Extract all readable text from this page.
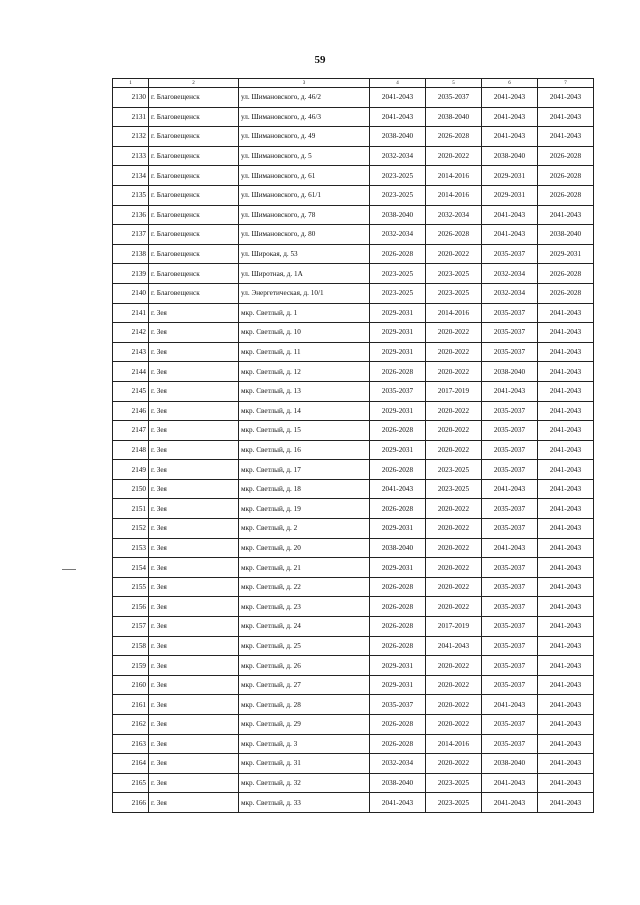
59
1	2	3	4	5	6	7
2130	г. Благовещенск	ул. Шимановского, д. 46/2	2041-2043	2035-2037	2041-2043	2041-2043
2131	г. Благовещенск	ул. Шимановского, д. 46/3	2041-2043	2038-2040	2041-2043	2041-2043
2132	г. Благовещенск	ул. Шимановского, д. 49	2038-2040	2026-2028	2041-2043	2041-2043
2133	г. Благовещенск	ул. Шимановского, д. 5	2032-2034	2020-2022	2038-2040	2026-2028
2134	г. Благовещенск	ул. Шимановского, д. 61	2023-2025	2014-2016	2029-2031	2026-2028
2135	г. Благовещенск	ул. Шимановского, д. 61/1	2023-2025	2014-2016	2029-2031	2026-2028
2136	г. Благовещенск	ул. Шимановского, д. 78	2038-2040	2032-2034	2041-2043	2041-2043
2137	г. Благовещенск	ул. Шимановского, д. 80	2032-2034	2026-2028	2041-2043	2038-2040
2138	г. Благовещенск	ул. Широкая, д. 53	2026-2028	2020-2022	2035-2037	2029-2031
2139	г. Благовещенск	ул. Широтная, д. 1А	2023-2025	2023-2025	2032-2034	2026-2028
2140	г. Благовещенск	ул. Энергетическая, д. 10/1	2023-2025	2023-2025	2032-2034	2026-2028
2141	г. Зея	мкр. Светлый, д. 1	2029-2031	2014-2016	2035-2037	2041-2043
2142	г. Зея	мкр. Светлый, д. 10	2029-2031	2020-2022	2035-2037	2041-2043
2143	г. Зея	мкр. Светлый, д. 11	2029-2031	2020-2022	2035-2037	2041-2043
2144	г. Зея	мкр. Светлый, д. 12	2026-2028	2020-2022	2038-2040	2041-2043
2145	г. Зея	мкр. Светлый, д. 13	2035-2037	2017-2019	2041-2043	2041-2043
2146	г. Зея	мкр. Светлый, д. 14	2029-2031	2020-2022	2035-2037	2041-2043
2147	г. Зея	мкр. Светлый, д. 15	2026-2028	2020-2022	2035-2037	2041-2043
2148	г. Зея	мкр. Светлый, д. 16	2029-2031	2020-2022	2035-2037	2041-2043
2149	г. Зея	мкр. Светлый, д. 17	2026-2028	2023-2025	2035-2037	2041-2043
2150	г. Зея	мкр. Светлый, д. 18	2041-2043	2023-2025	2041-2043	2041-2043
2151	г. Зея	мкр. Светлый, д. 19	2026-2028	2020-2022	2035-2037	2041-2043
2152	г. Зея	мкр. Светлый, д. 2	2029-2031	2020-2022	2035-2037	2041-2043
2153	г. Зея	мкр. Светлый, д. 20	2038-2040	2020-2022	2041-2043	2041-2043
2154	г. Зея	мкр. Светлый, д. 21	2029-2031	2020-2022	2035-2037	2041-2043
2155	г. Зея	мкр. Светлый, д. 22	2026-2028	2020-2022	2035-2037	2041-2043
2156	г. Зея	мкр. Светлый, д. 23	2026-2028	2020-2022	2035-2037	2041-2043
2157	г. Зея	мкр. Светлый, д. 24	2026-2028	2017-2019	2035-2037	2041-2043
2158	г. Зея	мкр. Светлый, д. 25	2026-2028	2041-2043	2035-2037	2041-2043
2159	г. Зея	мкр. Светлый, д. 26	2029-2031	2020-2022	2035-2037	2041-2043
2160	г. Зея	мкр. Светлый, д. 27	2029-2031	2020-2022	2035-2037	2041-2043
2161	г. Зея	мкр. Светлый, д. 28	2035-2037	2020-2022	2041-2043	2041-2043
2162	г. Зея	мкр. Светлый, д. 29	2026-2028	2020-2022	2035-2037	2041-2043
2163	г. Зея	мкр. Светлый, д. 3	2026-2028	2014-2016	2035-2037	2041-2043
2164	г. Зея	мкр. Светлый, д. 31	2032-2034	2020-2022	2038-2040	2041-2043
2165	г. Зея	мкр. Светлый, д. 32	2038-2040	2023-2025	2041-2043	2041-2043
2166	г. Зея	мкр. Светлый, д. 33	2041-2043	2023-2025	2041-2043	2041-2043
